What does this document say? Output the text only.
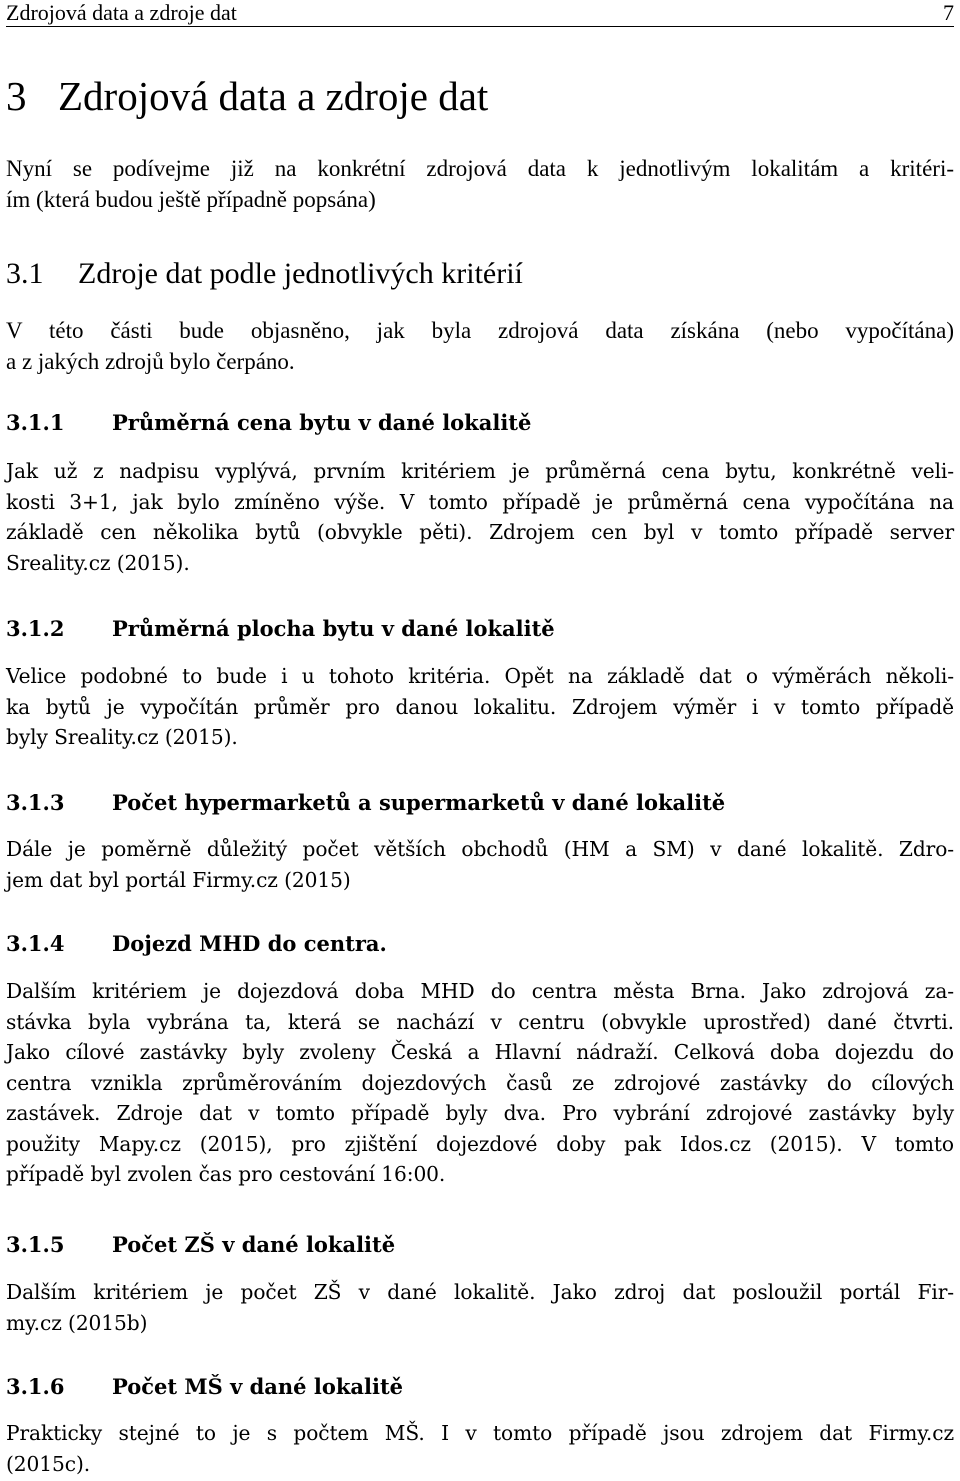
Zdrojová data a zdroje dat	7
3 Zdrojová data a zdroje dat
Nyní se podívejme již na konkrétní zdrojová data k jednotlivým lokalitám a kritéri-
ím (která budou ještě případně popsána)
3.1 Zdroje dat podle jednotlivých kritérií
V této části bude objasněno, jak byla zdrojová data získána (nebo vypočítána)
a z jakých zdrojů bylo čerpáno.
3.1.1 Průměrná cena bytu v dané lokalitě
Jak už z nadpisu vyplývá, prvním kritériem je průměrná cena bytu, konkrétně veli-
kosti 3+1, jak bylo zmíněno výše. V tomto případě je průměrná cena vypočítána na
základě cen několika bytů (obvykle pěti). Zdrojem cen byl v tomto případě server
Sreality.cz (2015).
3.1.2 Průměrná plocha bytu v dané lokalitě
Velice podobné to bude i u tohoto kritéria. Opět na základě dat o výměrách několi-
ka bytů je vypočítán průměr pro danou lokalitu. Zdrojem výměr i v tomto případě
byly Sreality.cz (2015).
3.1.3 Počet hypermarketů a supermarketů v dané lokalitě
Dále je poměrně důležitý počet větších obchodů (HM a SM) v dané lokalitě. Zdro-
jem dat byl portál Firmy.cz (2015)
3.1.4 Dojezd MHD do centra.
Dalším kritériem je dojezdová doba MHD do centra města Brna. Jako zdrojová za-
stávka byla vybrána ta, která se nachází v centru (obvykle uprostřed) dané čtvrti.
Jako cílové zastávky byly zvoleny Česká a Hlavní nádraží. Celková doba dojezdu do
centra vznikla zprůměrováním dojezdových časů ze zdrojové zastávky do cílových
zastávek. Zdroje dat v tomto případě byly dva. Pro vybrání zdrojové zastávky byly
použity Mapy.cz (2015), pro zjištění dojezdové doby pak Idos.cz (2015). V tomto
případě byl zvolen čas pro cestování 16:00.
3.1.5 Počet ZŠ v dané lokalitě
Dalším kritériem je počet ZŠ v dané lokalitě. Jako zdroj dat posloužil portál Fir-
my.cz (2015b)
3.1.6 Počet MŠ v dané lokalitě
Prakticky stejné to je s počtem MŠ. I v tomto případě jsou zdrojem dat Firmy.cz
(2015c).
